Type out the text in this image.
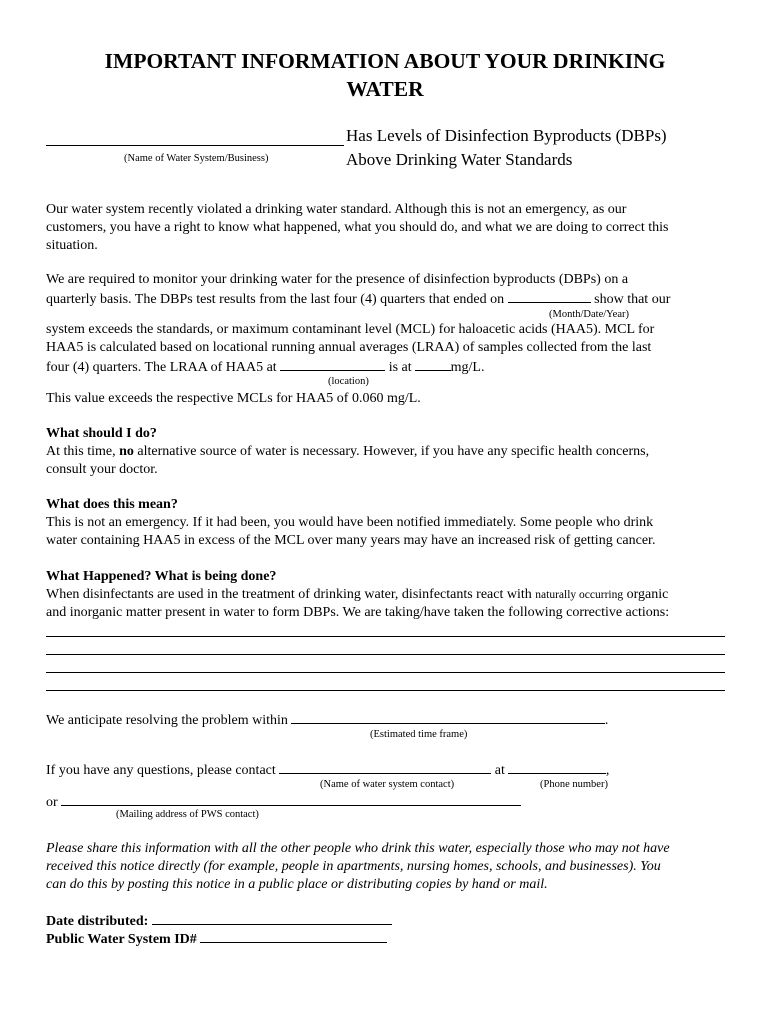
IMPORTANT INFORMATION ABOUT YOUR DRINKING
WATER
(Name of Water System/Business)
Has Levels of Disinfection Byproducts (DBPs)
Above Drinking Water Standards
Our water system recently violated a drinking water standard. Although this is not an emergency, as our
customers, you have a right to know what happened, what you should do, and what we are doing to correct this
situation.
We are required to monitor your drinking water for the presence of disinfection byproducts (DBPs) on a
quarterly basis. The DBPs test results from the last four (4) quarters that ended on	show that our
(Month/Date/Year)
system exceeds the standards, or maximum contaminant level (MCL) for haloacetic acids (HAA5). MCL for
HAA5 is calculated based on locational running annual averages (LRAA) of samples collected from the last
four (4) quarters. The LRAA of HAA5 at	is at	mg/L.
(location)
This value exceeds the respective MCLs for HAA5 of 0.060 mg/L.
What should I do?
At this time, no alternative source of water is necessary. However, if you have any specific health concerns,
consult your doctor.
What does this mean?
This is not an emergency. If it had been, you would have been notified immediately. Some people who drink
water containing HAA5 in excess of the MCL over many years may have an increased risk of getting cancer.
What Happened? What is being done?
When disinfectants are used in the treatment of drinking water, disinfectants react with naturally occurring organic
and inorganic matter present in water to form DBPs. We are taking/have taken the following corrective actions:
We anticipate resolving the problem within	.
(Estimated time frame)
If you have any questions, please contact	at	,
(Name of water system contact)	(Phone number)
or
(Mailing address of PWS contact)
Please share this information with all the other people who drink this water, especially those who may not have
received this notice directly (for example, people in apartments, nursing homes, schools, and businesses). You
can do this by posting this notice in a public place or distributing copies by hand or mail.
Date distributed:
Public Water System ID#
